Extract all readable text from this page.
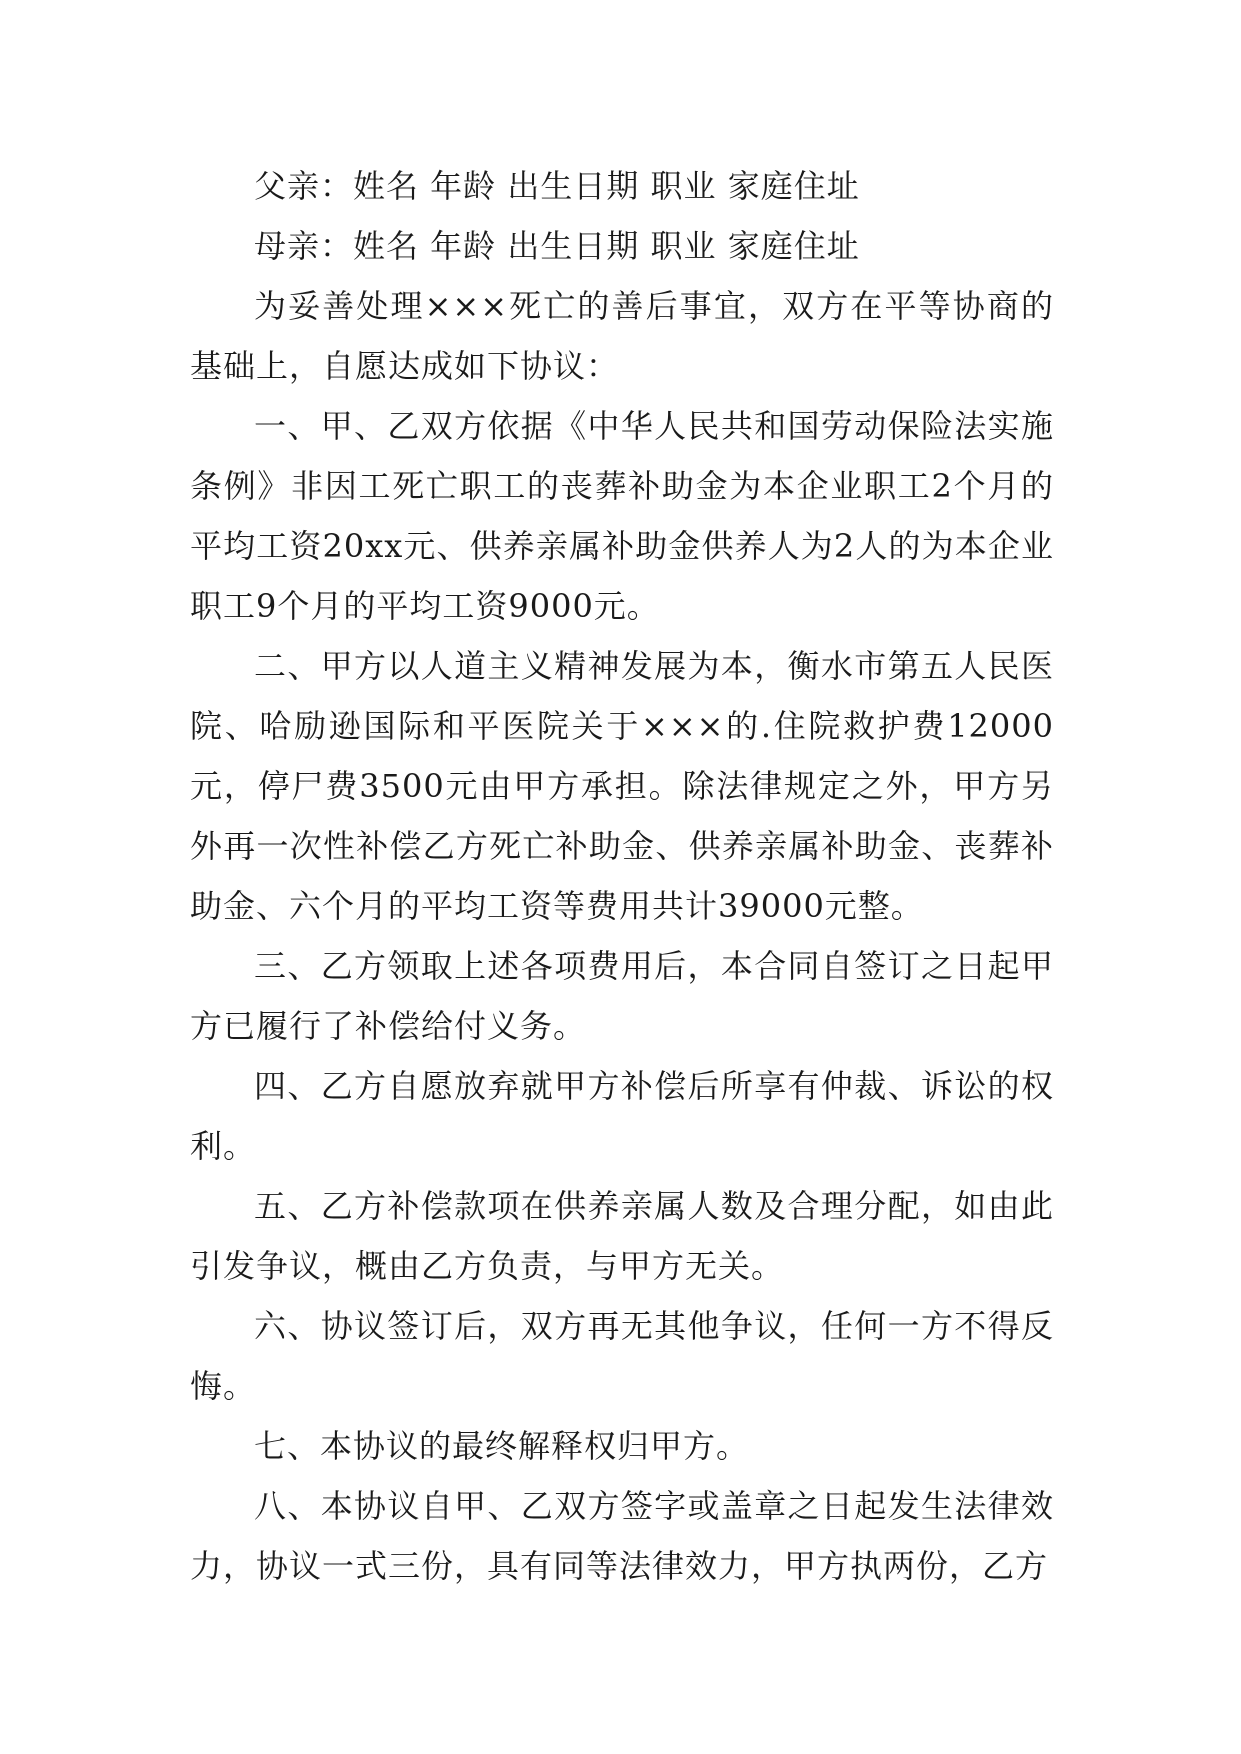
父亲：姓名 年龄 出生日期 职业 家庭住址

母亲：姓名 年龄 出生日期 职业 家庭住址

为妥善处理×××死亡的善后事宜，双方在平等协商的基础上，自愿达成如下协议：

一、甲、乙双方依据《中华人民共和国劳动保险法实施条例》非因工死亡职工的丧葬补助金为本企业职工2个月的平均工资20xx元、供养亲属补助金供养人为2人的为本企业职工9个月的平均工资9000元。

二、甲方以人道主义精神发展为本，衡水市第五人民医院、哈励逊国际和平医院关于×××的.住院救护费12000元，停尸费3500元由甲方承担。除法律规定之外，甲方另外再一次性补偿乙方死亡补助金、供养亲属补助金、丧葬补助金、六个月的平均工资等费用共计39000元整。

三、乙方领取上述各项费用后，本合同自签订之日起甲方已履行了补偿给付义务。

四、乙方自愿放弃就甲方补偿后所享有仲裁、诉讼的权利。

五、乙方补偿款项在供养亲属人数及合理分配，如由此引发争议，概由乙方负责，与甲方无关。

六、协议签订后，双方再无其他争议，任何一方不得反悔。

七、本协议的最终解释权归甲方。

八、本协议自甲、乙双方签字或盖章之日起发生法律效力，协议一式三份，具有同等法律效力，甲方执两份，乙方
